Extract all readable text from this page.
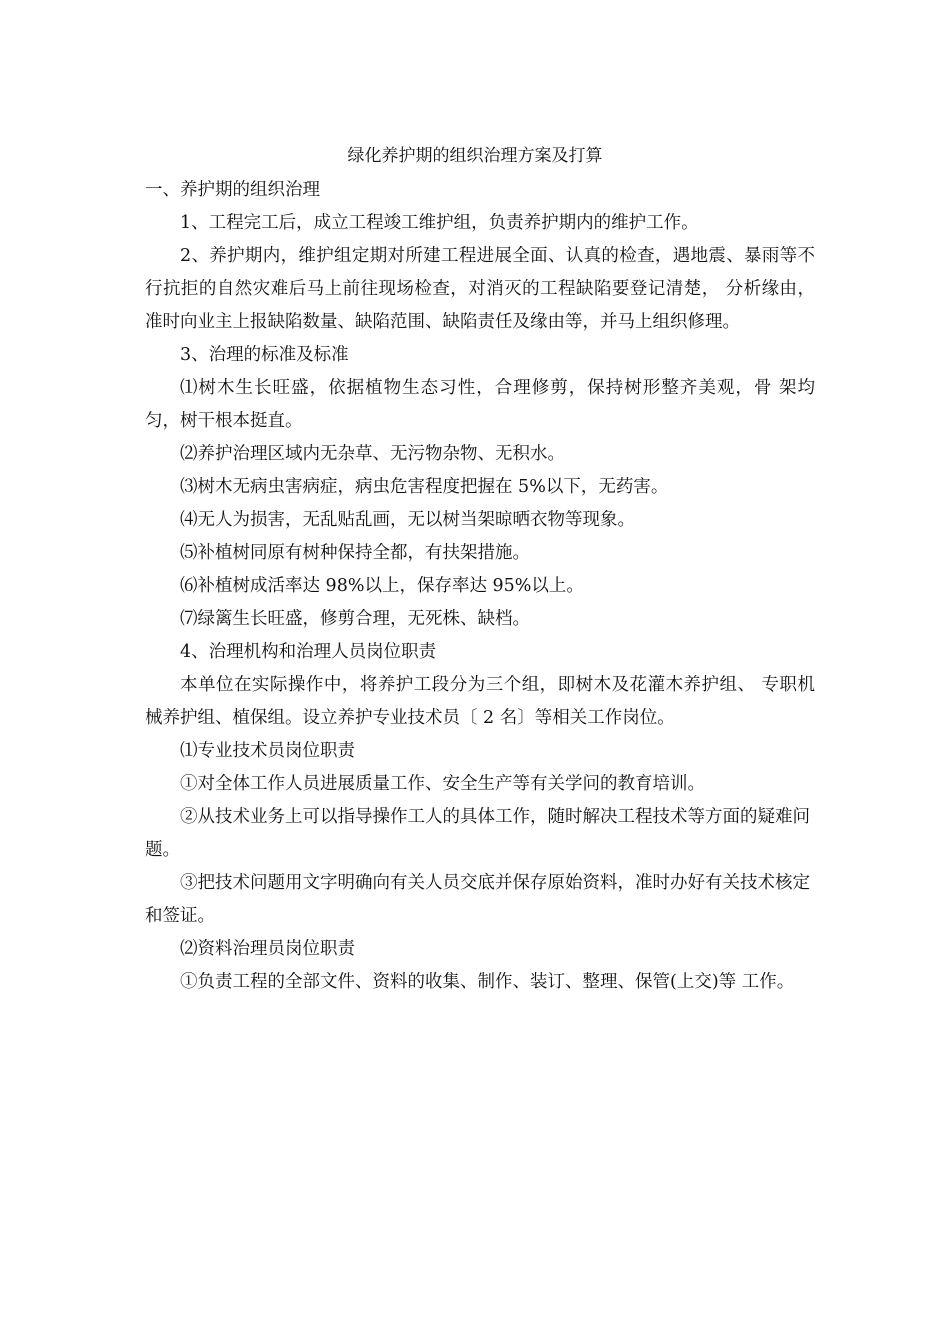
绿化养护期的组织治理方案及打算

一、养护期的组织治理

1、工程完工后，成立工程竣工维护组，负责养护期内的维护工作。

2、养护期内，维护组定期对所建工程进展全面、认真的检查，遇地震、暴雨等不行抗拒的自然灾难后马上前往现场检查，对消灭的工程缺陷要登记清楚， 分析缘由，准时向业主上报缺陷数量、缺陷范围、缺陷责任及缘由等，并马上组织修理。

3、治理的标准及标准

⑴树木生长旺盛，依据植物生态习性，合理修剪，保持树形整齐美观，骨 架均匀，树干根本挺直。

⑵养护治理区域内无杂草、无污物杂物、无积水。

⑶树木无病虫害病症，病虫危害程度把握在 5%以下，无药害。

⑷无人为损害，无乱贴乱画，无以树当架晾晒衣物等现象。

⑸补植树同原有树种保持全都，有扶架措施。

⑹补植树成活率达 98%以上，保存率达 95%以上。

⑺绿篱生长旺盛，修剪合理，无死株、缺档。

4、治理机构和治理人员岗位职责

本单位在实际操作中，将养护工段分为三个组，即树木及花灌木养护组、 专职机械养护组、植保组。设立养护专业技术员〔 2 名〕等相关工作岗位。

⑴专业技术员岗位职责

①对全体工作人员进展质量工作、安全生产等有关学问的教育培训。

②从技术业务上可以指导操作工人的具体工作，随时解决工程技术等方面的疑难问题。

③把技术问题用文字明确向有关人员交底并保存原始资料，准时办好有关技术核定和签证。

⑵资料治理员岗位职责

①负责工程的全部文件、资料的收集、制作、装订、整理、保管(上交)等 工作。
